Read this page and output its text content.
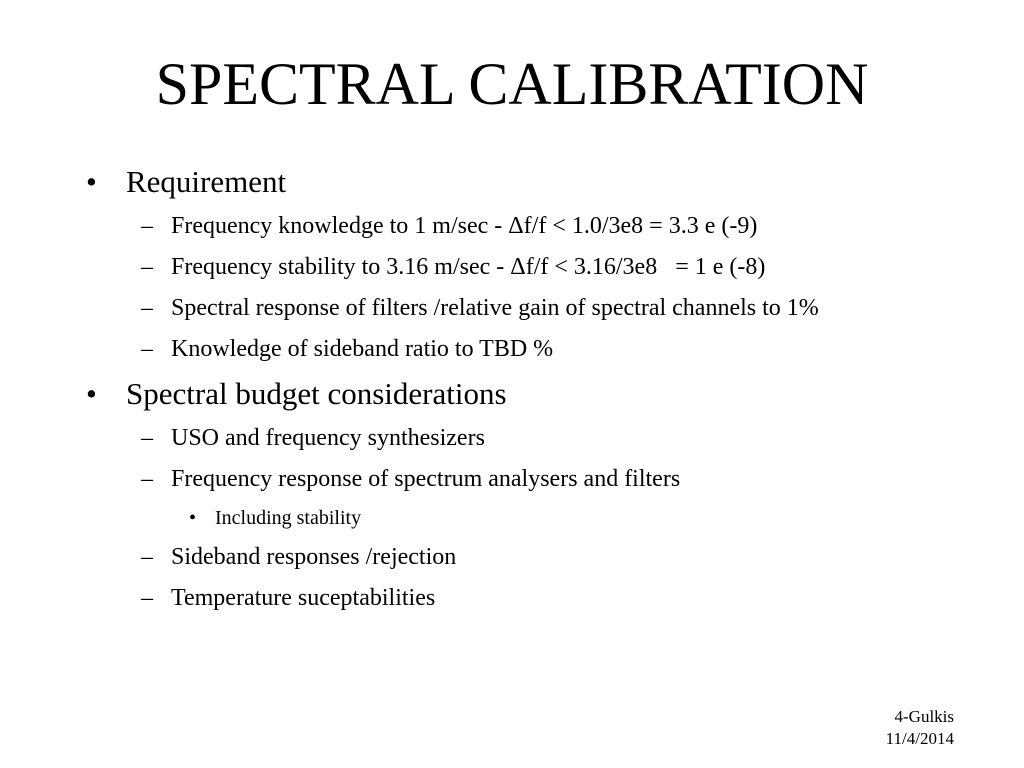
SPECTRAL CALIBRATION
• Requirement
– Frequency knowledge to 1 m/sec - Δf/f < 1.0/3e8 = 3.3 e (-9)
– Frequency stability to 3.16 m/sec - Δf/f < 3.16/3e8   = 1 e (-8)
– Spectral response of filters /relative gain of spectral channels to 1%
– Knowledge of sideband ratio to TBD %
• Spectral budget considerations
– USO and frequency synthesizers
– Frequency response of spectrum analysers and filters
• Including stability
– Sideband responses /rejection
– Temperature suceptabilities
4-Gulkis
11/4/2014
